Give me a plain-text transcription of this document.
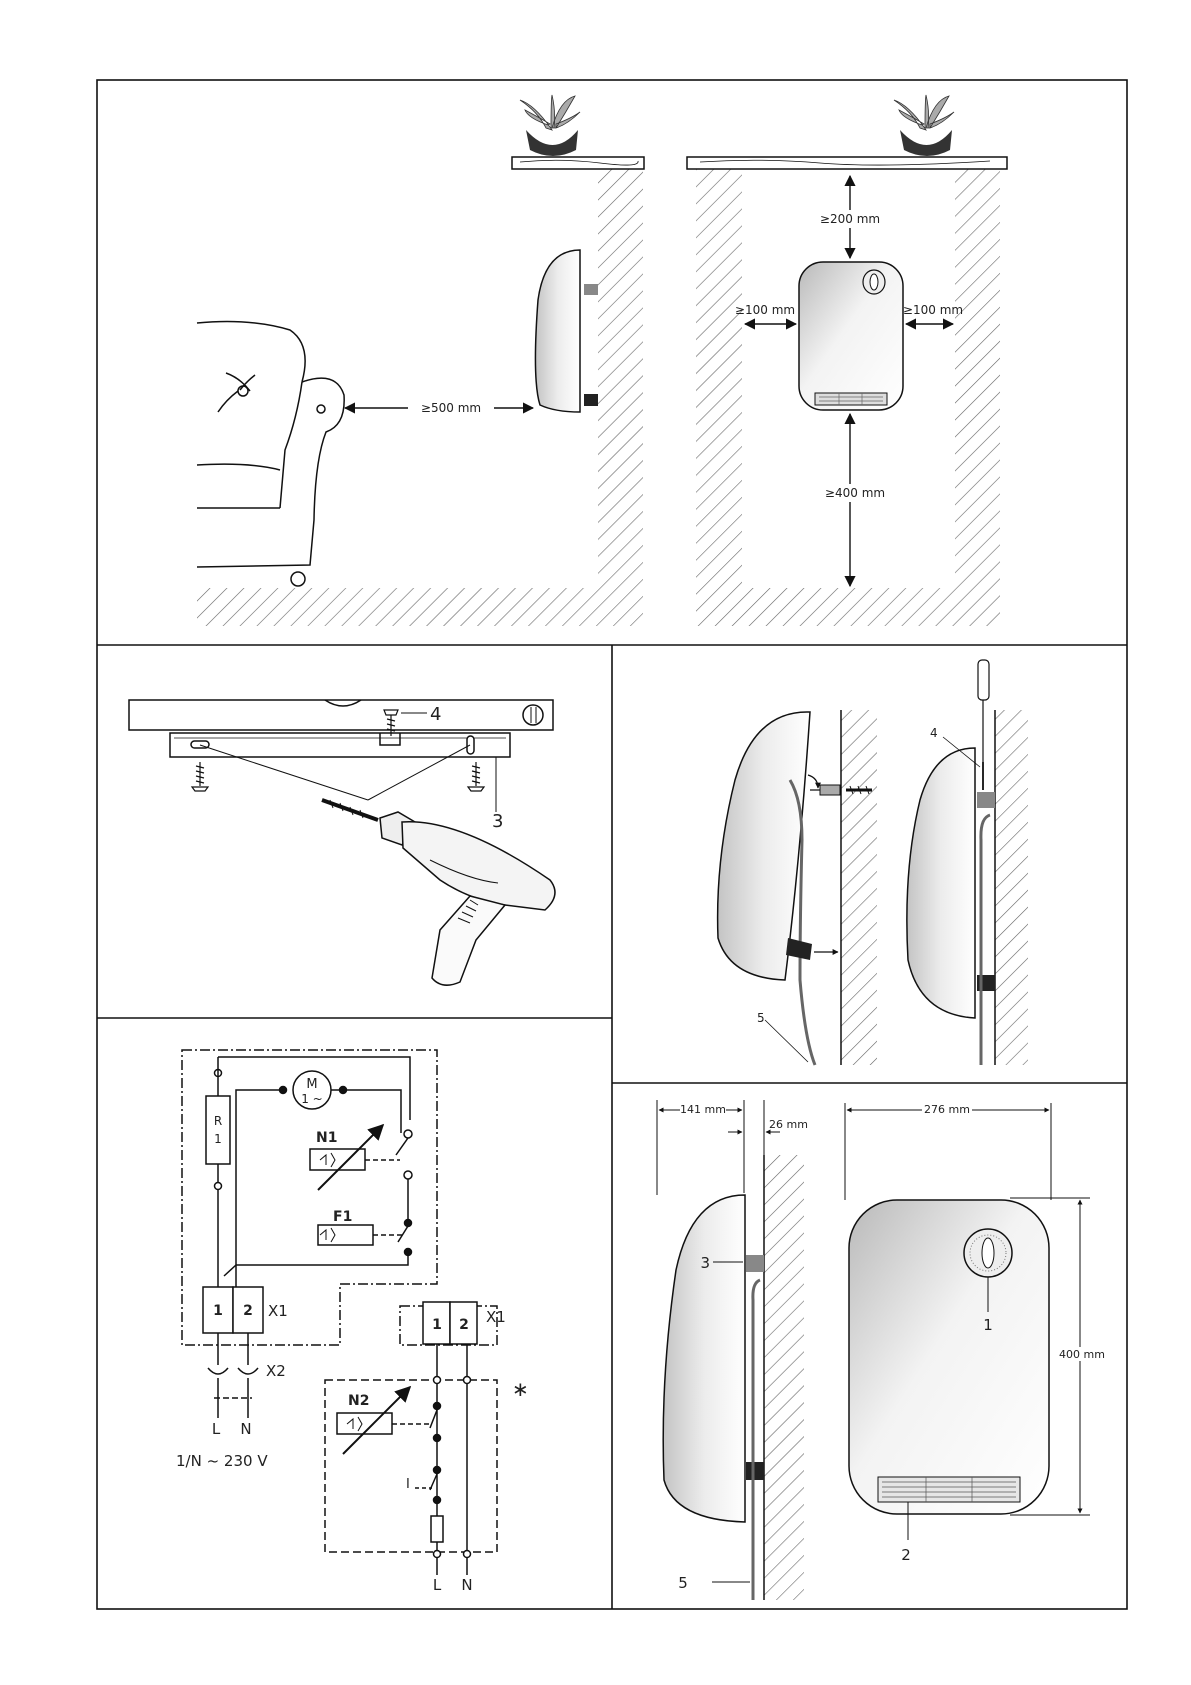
≥500 mm
≥200 mm
≥100 mm	≥100 mm
≥400 mm
4
3
4
5
M
1 ~
R
1	N1
F1
1 2 X1
X2
L N
1/N ~ 230 V
1 2 X1
N2
I
∗
L N
141 mm
26 mm
3
5
276 mm
400 mm
1
2
